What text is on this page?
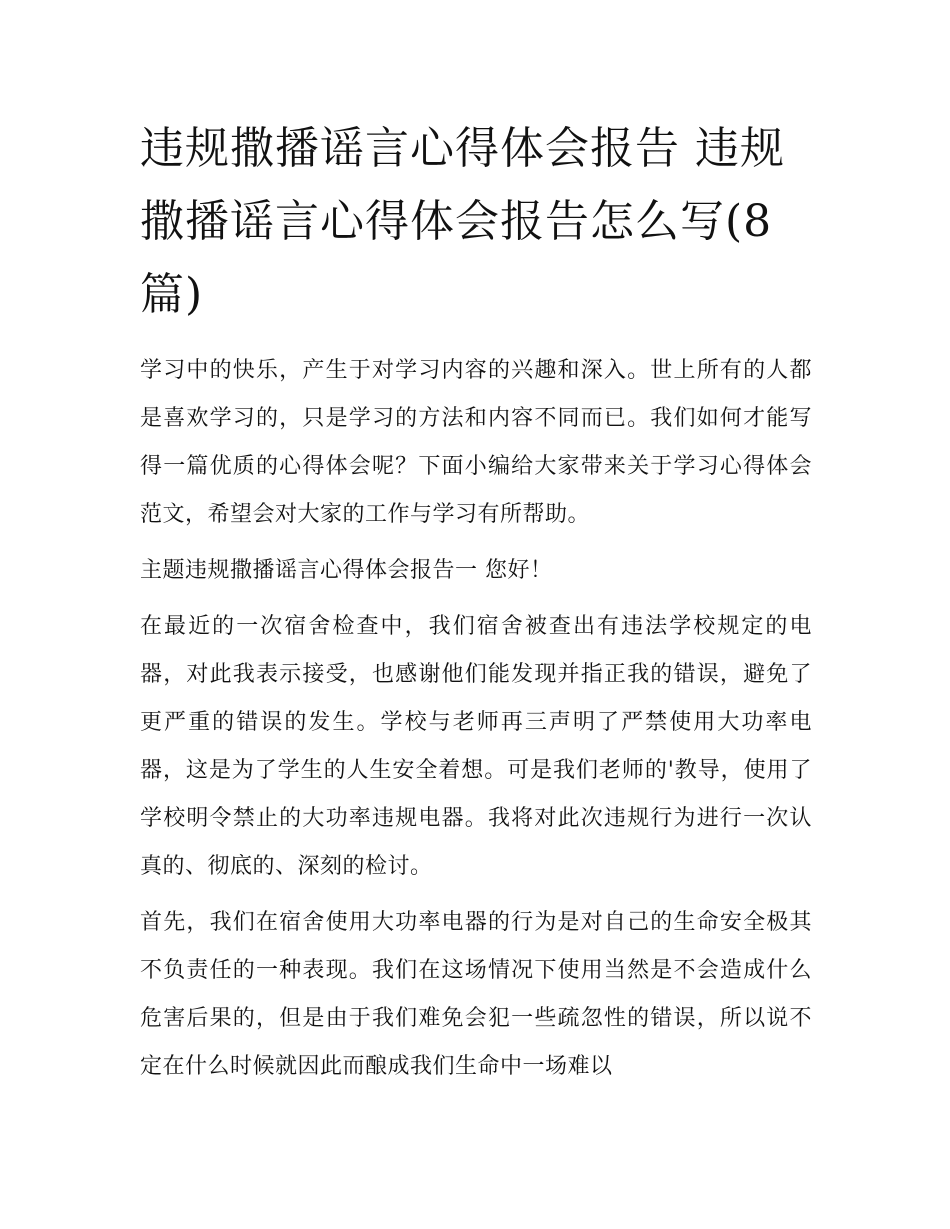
违规撒播谣言心得体会报告 违规撒播谣言心得体会报告怎么写(8篇)

学习中的快乐，产生于对学习内容的兴趣和深入。世上所有的人都是喜欢学习的，只是学习的方法和内容不同而已。我们如何才能写得一篇优质的心得体会呢？下面小编给大家带来关于学习心得体会范文，希望会对大家的工作与学习有所帮助。

主题违规撒播谣言心得体会报告一 您好！

在最近的一次宿舍检查中，我们宿舍被查出有违法学校规定的电器，对此我表示接受，也感谢他们能发现并指正我的错误，避免了更严重的错误的发生。学校与老师再三声明了严禁使用大功率电器，这是为了学生的人生安全着想。可是我们老师的'教导，使用了学校明令禁止的大功率违规电器。我将对此次违规行为进行一次认真的、彻底的、深刻的检讨。

首先，我们在宿舍使用大功率电器的行为是对自己的生命安全极其不负责任的一种表现。我们在这场情况下使用当然是不会造成什么危害后果的，但是由于我们难免会犯一些疏忽性的错误，所以说不定在什么时候就因此而酿成我们生命中一场难以
